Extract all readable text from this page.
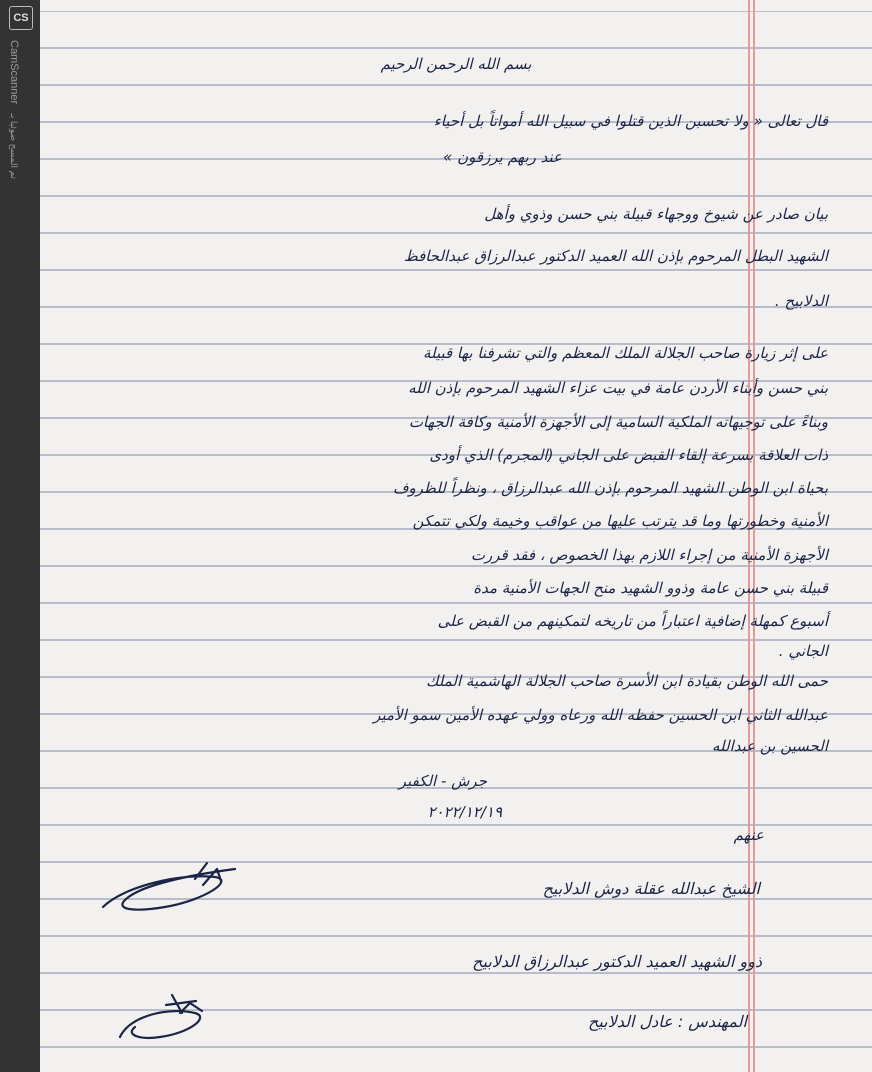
CS
CamScanner تم المسح ضوئيا بـ
بسم الله الرحمن الرحيم
قال تعالى « ولا تحسبن الذين قتلوا في سبيل الله أمواتاً بل أحياء
عند ربهم يرزقون »
بيان صادر عن شيوخ ووجهاء قبيلة بني حسن وذوي وأهل
الشهيد البطل المرحوم بإذن الله العميد الدكتور عبدالرزاق عبدالحافظ
الدلابيح .
على إثر زيارة صاحب الجلالة الملك المعظم والتي تشرفنا بها قبيلة
بني حسن وأبناء الأردن عامة في بيت عزاء الشهيد المرحوم بإذن الله
وبناءً على توجيهاته الملكية السامية إلى الأجهزة الأمنية وكافة الجهات
ذات العلاقة بسرعة إلقاء القبض على الجاني (المجرم) الذي أودى
بحياة ابن الوطن الشهيد المرحوم بإذن الله عبدالرزاق ، ونظراً للظروف
الأمنية وخطورتها وما قد يترتب عليها من عواقب وخيمة ولكي تتمكن
الأجهزة الأمنية من إجراء اللازم بهذا الخصوص ، فقد قررت
قبيلة بني حسن عامة وذوو الشهيد منح الجهات الأمنية مدة
أسبوع كمهلة إضافية اعتباراً من تاريخه لتمكينهم من القبض على
الجاني .
حمى الله الوطن بقيادة ابن الأسرة صاحب الجلالة الهاشمية الملك
عبدالله الثاني ابن الحسين حفظه الله ورعاه وولي عهده الأمين سمو الأمير
الحسين بن عبدالله
جرش - الكفير
٢٠٢٢/١٢/١٩
عنهم
الشيخ عبدالله عقلة دوش الدلابيح
ذوو الشهيد العميد الدكتور عبدالرزاق الدلابيح
المهندس : عادل الدلابيح
